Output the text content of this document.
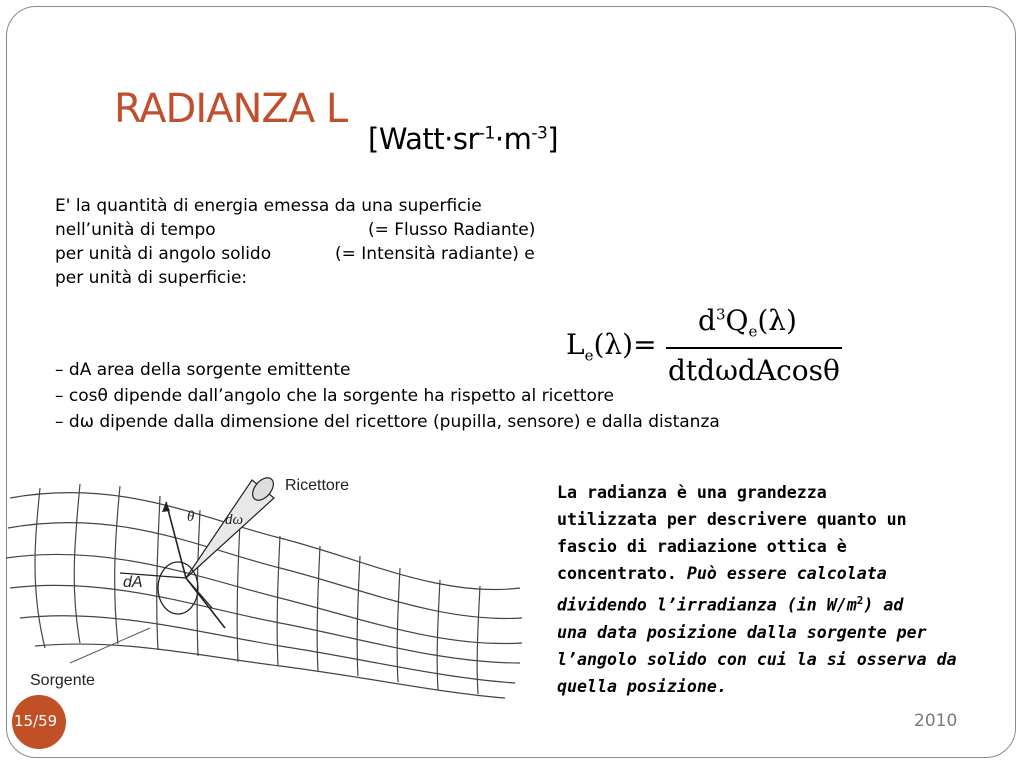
RADIANZA L
$[Watt\cdot sr^{-1}\cdot m^{-3}]$
E' la quantità di energia emessa da una superficie
nell’unità di tempo	(= Flusso Radiante)
per unità di angolo solido	(= Intensità radiante) e
per unità di superficie:
$L_e(\lambda)=$
$d^3Q_e(\lambda)$
dtdωdAcosθ
– dA area della sorgente emittente
– cosθ dipende dall’angolo che la sorgente ha rispetto al ricettore
– dω dipende dalla dimensione del ricettore (pupilla, sensore) e dalla distanza
Ricettore
Sorgente
dA
θ dω
La radianza è una grandezza
utilizzata per descrivere quanto un
fascio di radiazione ottica è
concentrato. Può essere calcolata
dividendo l’irradianza (in $W/m^2$) ad
una data posizione dalla sorgente per
l’angolo solido con cui la si osserva da
quella posizione.
15/59	2010
